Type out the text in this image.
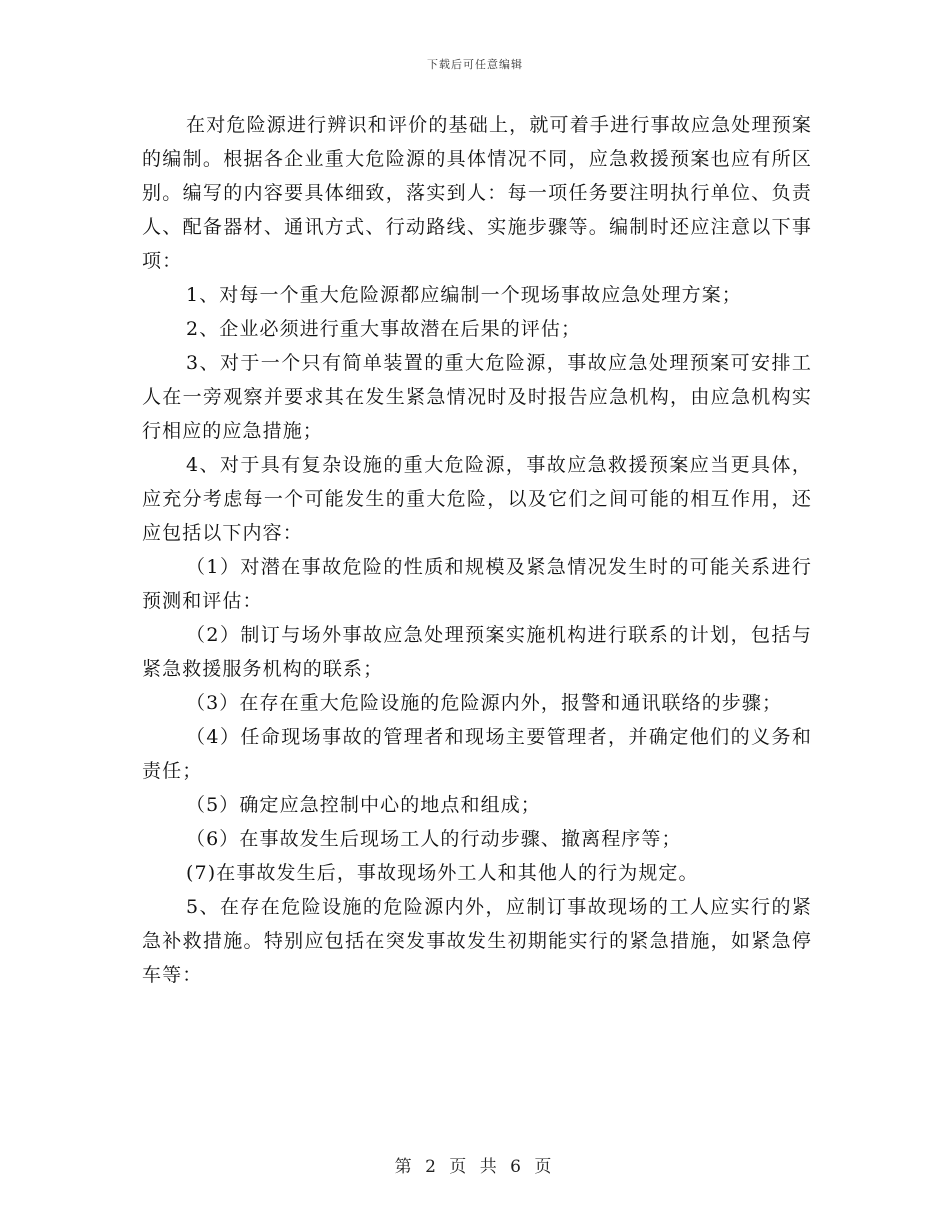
下载后可任意编辑

在对危险源进行辨识和评价的基础上，就可着手进行事故应急处理预案的编制。根据各企业重大危险源的具体情况不同，应急救援预案也应有所区别。编写的内容要具体细致，落实到人：每一项任务要注明执行单位、负责人、配备器材、通讯方式、行动路线、实施步骤等。编制时还应注意以下事项：

1、对每一个重大危险源都应编制一个现场事故应急处理方案；

2、企业必须进行重大事故潜在后果的评估；

3、对于一个只有简单装置的重大危险源，事故应急处理预案可安排工人在一旁观察并要求其在发生紧急情况时及时报告应急机构，由应急机构实行相应的应急措施；

4、对于具有复杂设施的重大危险源，事故应急救援预案应当更具体，应充分考虑每一个可能发生的重大危险，以及它们之间可能的相互作用，还应包括以下内容：

（1）对潜在事故危险的性质和规模及紧急情况发生时的可能关系进行预测和评估：

（2）制订与场外事故应急处理预案实施机构进行联系的计划，包括与紧急救援服务机构的联系；

（3）在存在重大危险设施的危险源内外，报警和通讯联络的步骤；

（4）任命现场事故的管理者和现场主要管理者，并确定他们的义务和责任；

（5）确定应急控制中心的地点和组成；

（6）在事故发生后现场工人的行动步骤、撤离程序等；

(7)在事故发生后，事故现场外工人和其他人的行为规定。

5、在存在危险设施的危险源内外，应制订事故现场的工人应实行的紧急补救措施。特别应包括在突发事故发生初期能实行的紧急措施，如紧急停车等：

第 2 页 共 6 页
